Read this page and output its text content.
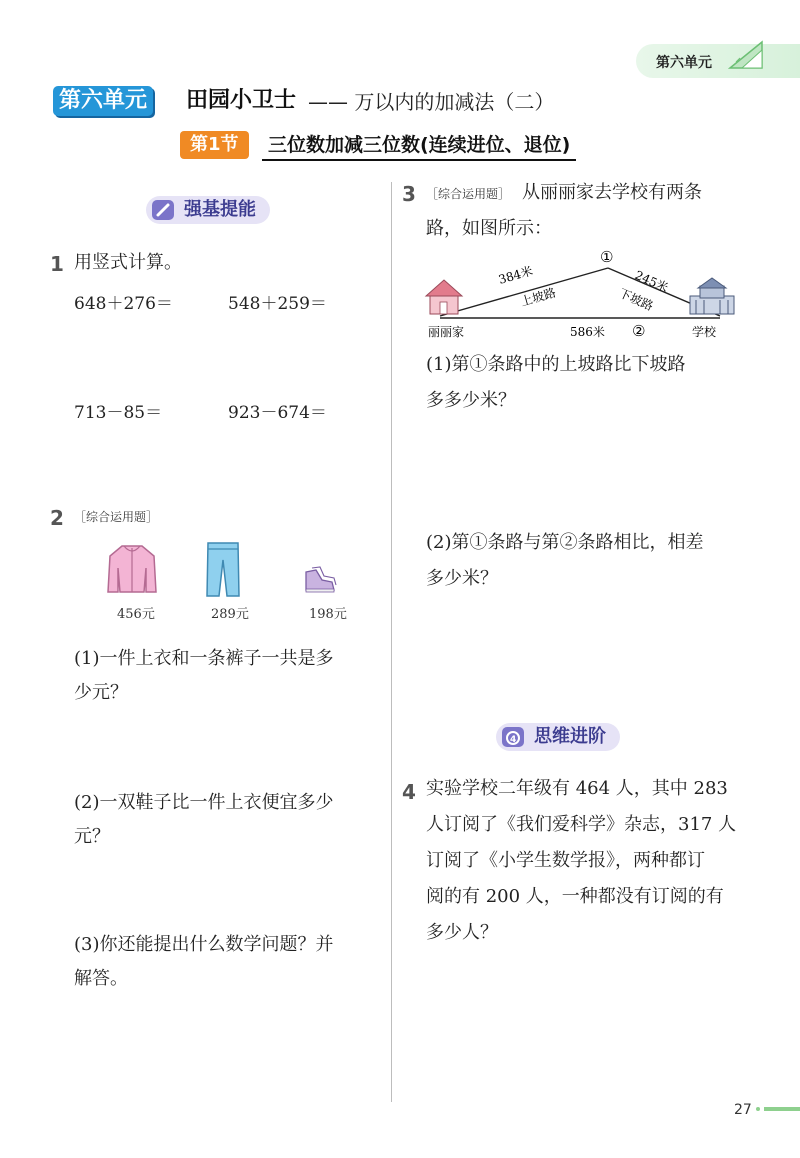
第六单元
第六单元 田园小卫士 —— 万以内的加减法（二）
第1节	三位数加减三位数(连续进位、退位)
强基提能
1 用竖式计算。
648＋276＝	548＋259＝
713－85＝	923－674＝
2 ［综合运用题］
456元	289元	198元
(1)一件上衣和一条裤子一共是多
少元？
(2)一双鞋子比一件上衣便宜多少
元？
(3)你还能提出什么数学问题？并
解答。
3 ［综合运用题］ 从丽丽家去学校有两条
路，如图所示：
①
384米
上坡路
245米
下坡路
586米 ②
丽丽家	学校
(1)第①条路中的上坡路比下坡路
多多少米？
(2)第①条路与第②条路相比，相差
多少米？
4 思维进阶
4 实验学校二年级有 464 人，其中 283
人订阅了《我们爱科学》杂志，317 人
订阅了《小学生数学报》，两种都订
阅的有 200 人，一种都没有订阅的有
多少人？
27
